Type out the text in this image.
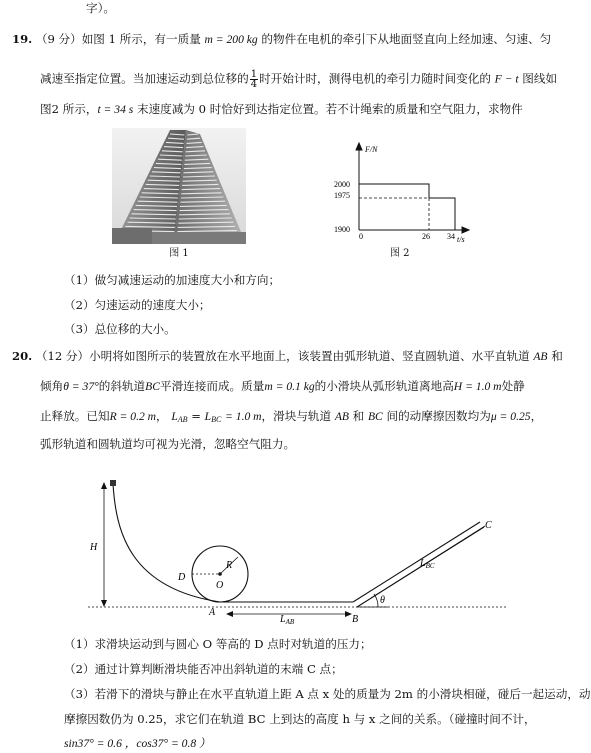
字）。
19. （9 分）如图 1 所示，有一质量 m = 200 kg 的物件在电机的牵引下从地面竖直向上经加速、匀速、匀
减速至指定位置。当加速运动到总位移的 $\frac{1}{4}$ 时开始计时，测得电机的牵引力随时间变化的 F − t 图线如
图2 所示，t = 34 s 末速度减为 0 时恰好到达指定位置。若不计绳索的质量和空气阻力，求物件
图 1
F/N
t/s
2000
1975
1900
0	26 34
图 2
（1）做匀减速运动的加速度大小和方向；
（2）匀速运动的速度大小；
（3）总位移的大小。
20. （12 分）小明将如图所示的装置放在水平地面上，该装置由弧形轨道、竖直圆轨道、水平直轨道 AB 和
倾角θ = 37°的斜轨道BC平滑连接而成。质量m = 0.1 kg的小滑块从弧形轨道离地高H = 1.0 m处静
止释放。已知R = 0.2 m， $L_{AB} = L_{BC} = 1.0$ m，滑块与轨道 AB 和 BC 间的动摩擦因数均为μ = 0.25，
弧形轨道和圆轨道均可视为光滑，忽略空气阻力。
H
D
O
R
A
B
C
$L_{AB}$
$L_{BC}$
θ
（1）求滑块运动到与圆心 O 等高的 D 点时对轨道的压力；
（2）通过计算判断滑块能否冲出斜轨道的末端 C 点；
（3）若滑下的滑块与静止在水平直轨道上距 A 点 x 处的质量为 2m 的小滑块相碰，碰后一起运动，动
摩擦因数仍为 0.25，求它们在轨道 BC 上到达的高度 h 与 x 之间的关系。（碰撞时间不计，
sin37° = 0.6 ，cos37° = 0.8 ）
